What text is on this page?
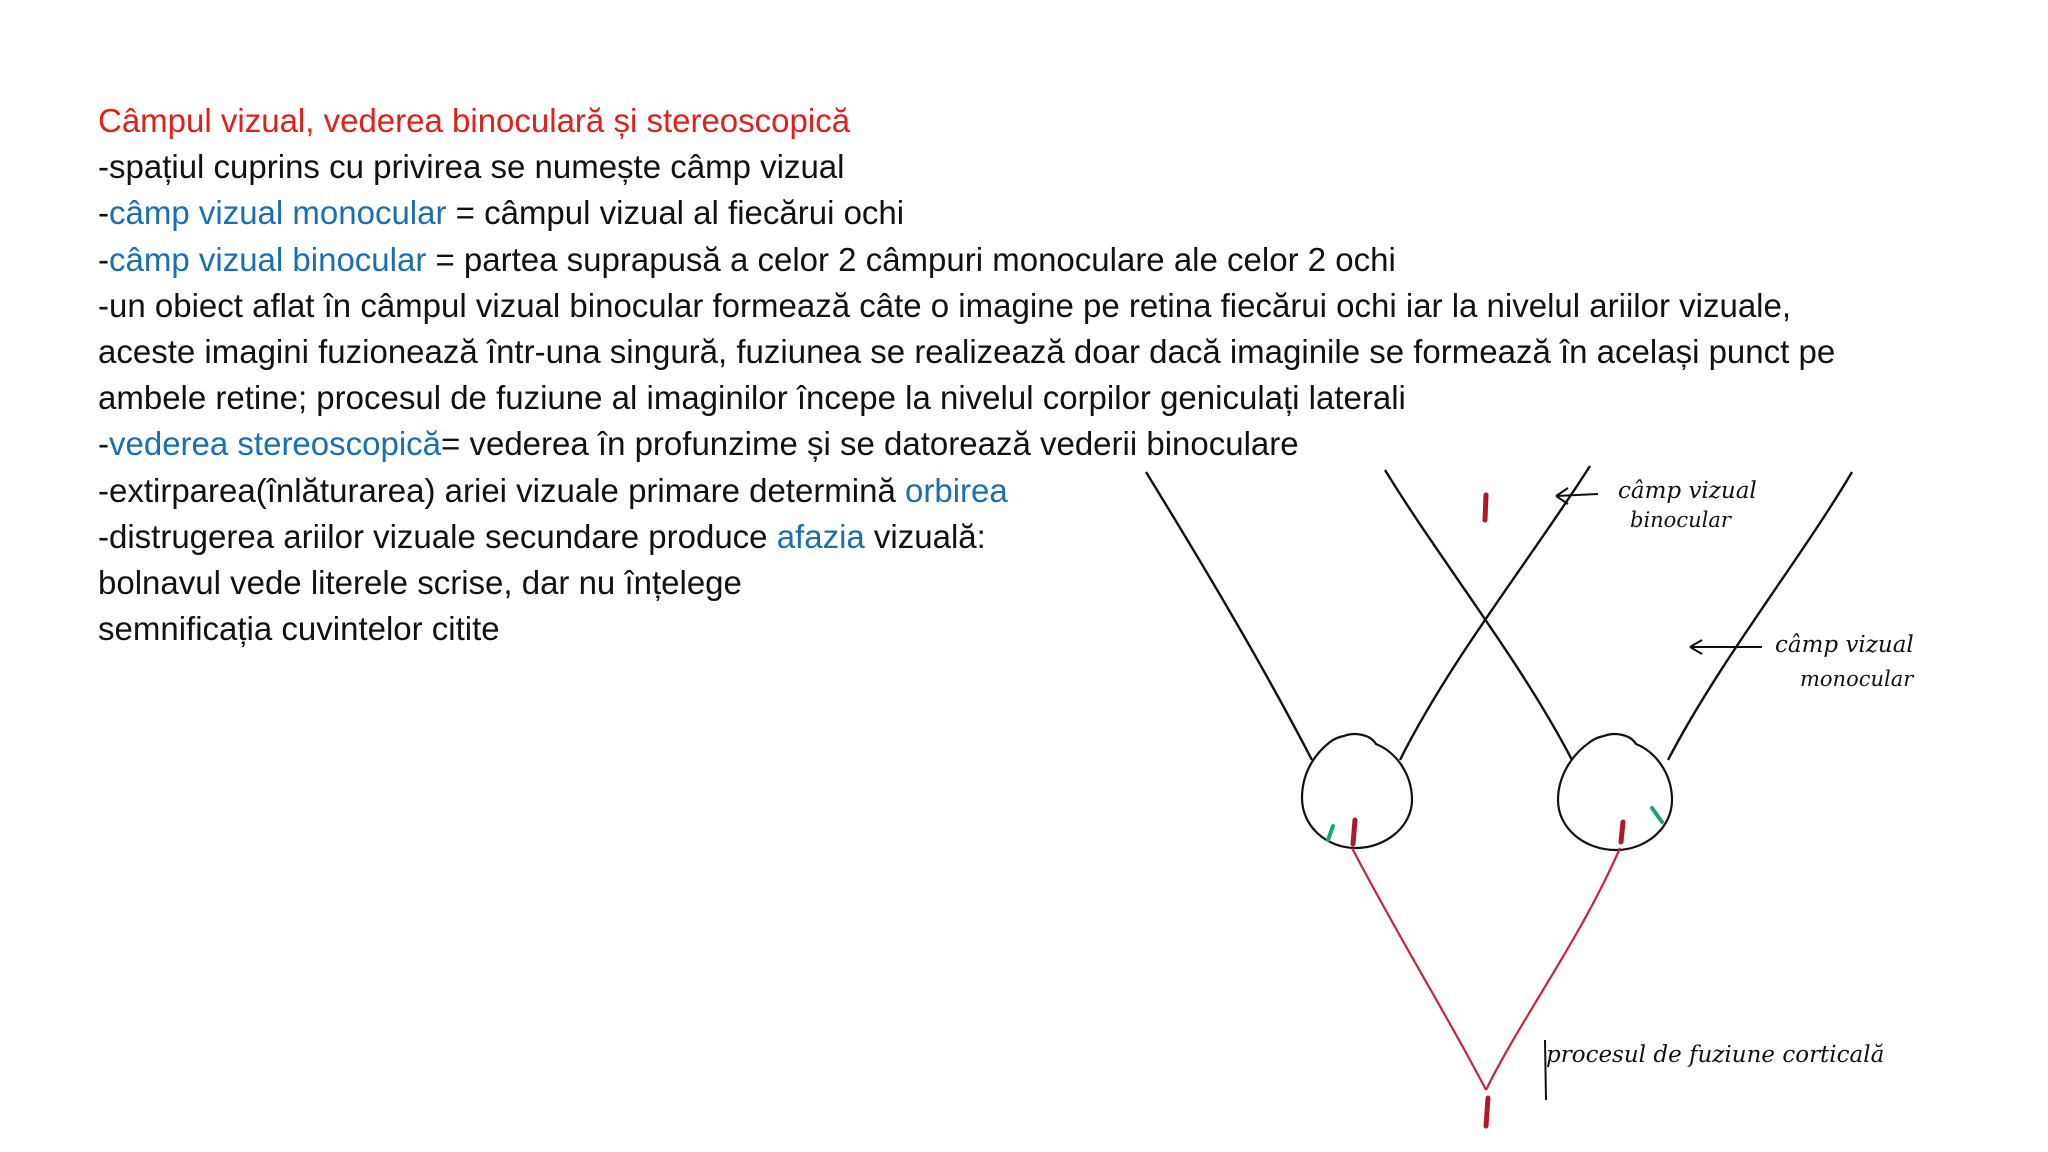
Câmpul vizual, vederea binoculară și stereoscopică
-spațiul cuprins cu privirea se numește câmp vizual
-câmp vizual monocular = câmpul vizual al fiecărui ochi
-câmp vizual binocular = partea suprapusă a celor 2 câmpuri monoculare ale celor 2 ochi
-un obiect aflat în câmpul vizual binocular formează câte o imagine pe retina fiecărui ochi iar la nivelul ariilor vizuale,
aceste imagini fuzionează într-una singură, fuziunea se realizează doar dacă imaginile se formează în același punct pe
ambele retine; procesul de fuziune al imaginilor începe la nivelul corpilor geniculați laterali
-vederea stereoscopică= vederea în profunzime și se datorează vederii binoculare
-extirparea(înlăturarea) ariei vizuale primare determină orbirea
-distrugerea ariilor vizuale secundare produce afazia vizuală:
bolnavul vede literele scrise, dar nu înțelege
semnificația cuvintelor citite
câmp vizual
binocular
câmp vizual
monocular
procesul de fuziune corticală
